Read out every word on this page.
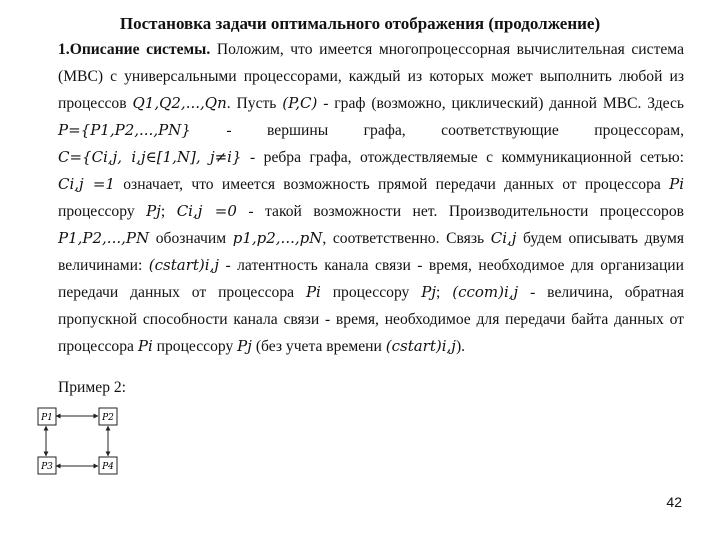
Постановка задачи оптимального отображения (продолжение)
1.Описание системы. Положим, что имеется многопроцессорная вычислительная система (МВС) с универсальными процессорами, каждый из которых может выполнить любой из процессов Q1,Q2,...,Qn. Пусть (P,C) - граф (возможно, циклический) данной МВС. Здесь P={P1,P2,...,PN} - вершины графа, соответствующие процессорам, C={Ci,j, i,j∈[1,N], j≠i} - ребра графа, отождествляемые с коммуникационной сетью: Ci,j =1 означает, что имеется возможность прямой передачи данных от процессора Pi процессору Pj; Ci,j =0 - такой возможности нет. Производительности процессоров P1,P2,...,PN обозначим p1,p2,...,pN, соответственно. Связь Ci,j будем описывать двумя величинами: (cstart)i,j - латентность канала связи - время, необходимое для организации передачи данных от процессора Pi процессору Pj; (ccom)i,j - величина, обратная пропускной способности канала связи - время, необходимое для передачи байта данных от процессора Pi процессору Pj (без учета времени (cstart)i,j).
Пример 2:
P1	P2
P3	P4
42
